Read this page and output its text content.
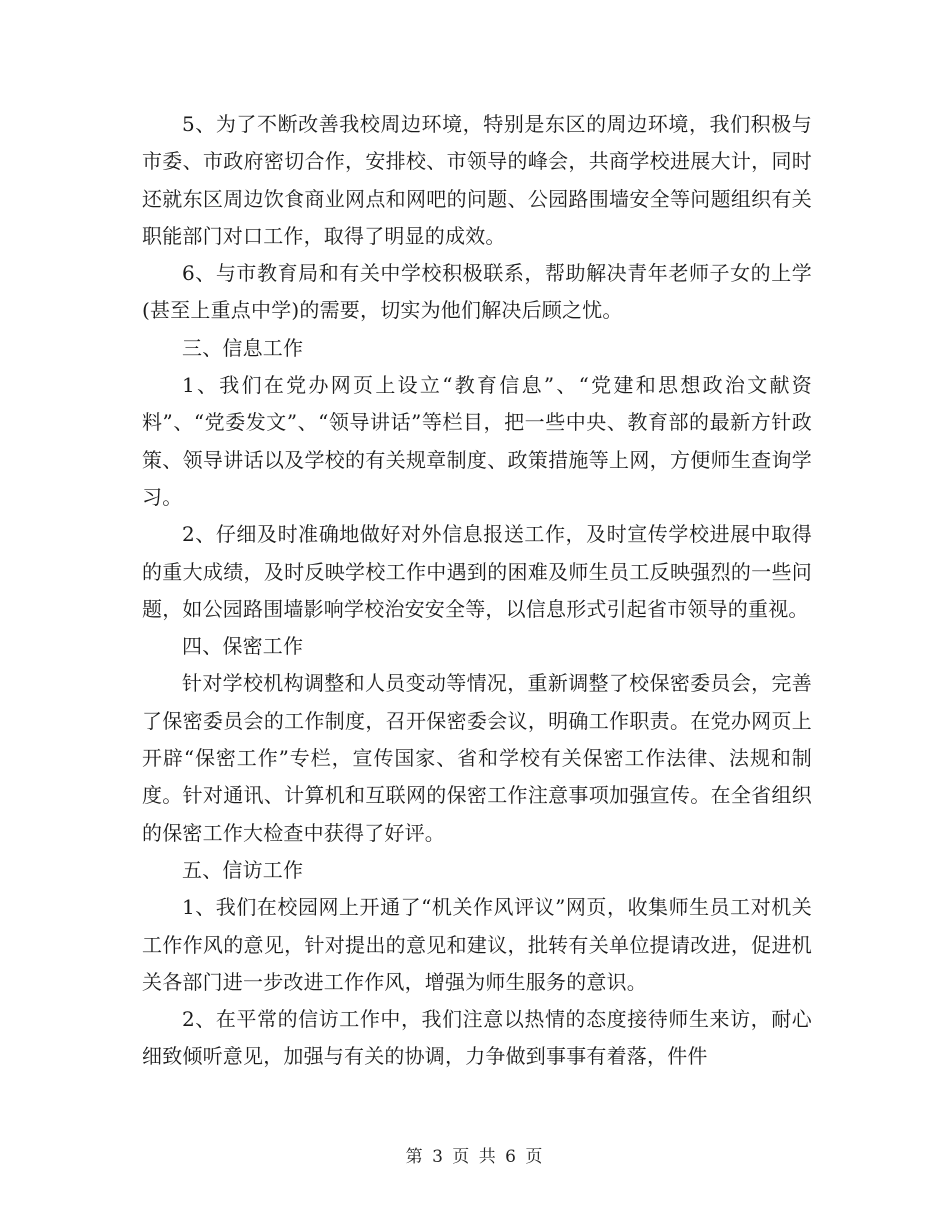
5、为了不断改善我校周边环境，特别是东区的周边环境，我们积极与市委、市政府密切合作，安排校、市领导的峰会，共商学校进展大计，同时还就东区周边饮食商业网点和网吧的问题、公园路围墙安全等问题组织有关职能部门对口工作，取得了明显的成效。

6、与市教育局和有关中学校积极联系，帮助解决青年老师子女的上学(甚至上重点中学)的需要，切实为他们解决后顾之忧。

三、信息工作

1、我们在党办网页上设立“教育信息”、“党建和思想政治文献资料”、“党委发文”、“领导讲话”等栏目，把一些中央、教育部的最新方针政策、领导讲话以及学校的有关规章制度、政策措施等上网，方便师生查询学习。

2、仔细及时准确地做好对外信息报送工作，及时宣传学校进展中取得的重大成绩，及时反映学校工作中遇到的困难及师生员工反映强烈的一些问题，如公园路围墙影响学校治安安全等，以信息形式引起省市领导的重视。

四、保密工作

针对学校机构调整和人员变动等情况，重新调整了校保密委员会，完善了保密委员会的工作制度，召开保密委会议，明确工作职责。在党办网页上开辟“保密工作”专栏，宣传国家、省和学校有关保密工作法律、法规和制度。针对通讯、计算机和互联网的保密工作注意事项加强宣传。在全省组织的保密工作大检查中获得了好评。

五、信访工作

1、我们在校园网上开通了“机关作风评议”网页，收集师生员工对机关工作作风的意见，针对提出的意见和建议，批转有关单位提请改进，促进机关各部门进一步改进工作作风，增强为师生服务的意识。

2、在平常的信访工作中，我们注意以热情的态度接待师生来访，耐心细致倾听意见，加强与有关的协调，力争做到事事有着落，件件

第 3 页 共 6 页
